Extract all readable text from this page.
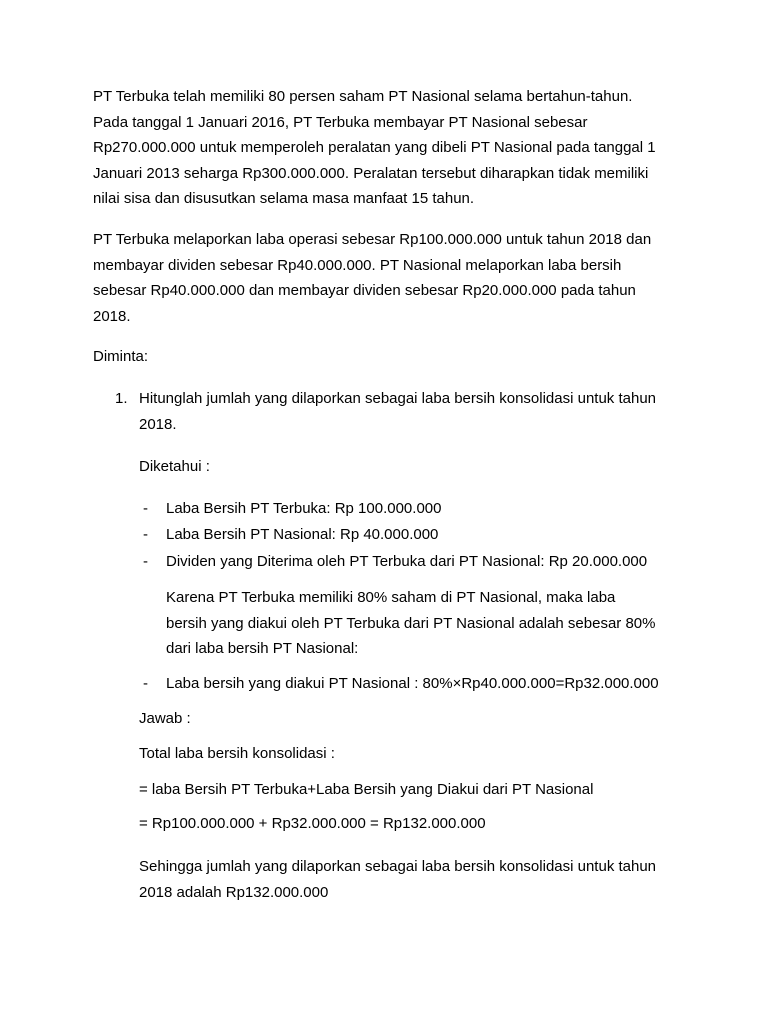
PT Terbuka telah memiliki 80 persen saham PT Nasional selama bertahun-tahun.
Pada tanggal 1 Januari 2016, PT Terbuka membayar PT Nasional sebesar
Rp270.000.000 untuk memperoleh peralatan yang dibeli PT Nasional pada tanggal 1
Januari 2013 seharga Rp300.000.000. Peralatan tersebut diharapkan tidak memiliki
nilai sisa dan disusutkan selama masa manfaat 15 tahun.

PT Terbuka melaporkan laba operasi sebesar Rp100.000.000 untuk tahun 2018 dan
membayar dividen sebesar Rp40.000.000. PT Nasional melaporkan laba bersih
sebesar Rp40.000.000 dan membayar dividen sebesar Rp20.000.000 pada tahun
2018.

Diminta:

1. Hitunglah jumlah yang dilaporkan sebagai laba bersih konsolidasi untuk tahun
2018.

Diketahui :

- Laba Bersih PT Terbuka: Rp 100.000.000

- Laba Bersih PT Nasional: Rp 40.000.000

- Dividen yang Diterima oleh PT Terbuka dari PT Nasional: Rp 20.000.000

Karena PT Terbuka memiliki 80% saham di PT Nasional, maka laba
bersih yang diakui oleh PT Terbuka dari PT Nasional adalah sebesar 80%
dari laba bersih PT Nasional:

- Laba bersih yang diakui PT Nasional : 80%×Rp40.000.000=Rp32.000.000

Jawab :

Total laba bersih konsolidasi :

= laba Bersih PT Terbuka+Laba Bersih yang Diakui dari PT Nasional

= Rp100.000.000 + Rp32.000.000 = Rp132.000.000

Sehingga jumlah yang dilaporkan sebagai laba bersih konsolidasi untuk tahun
2018 adalah Rp132.000.000
